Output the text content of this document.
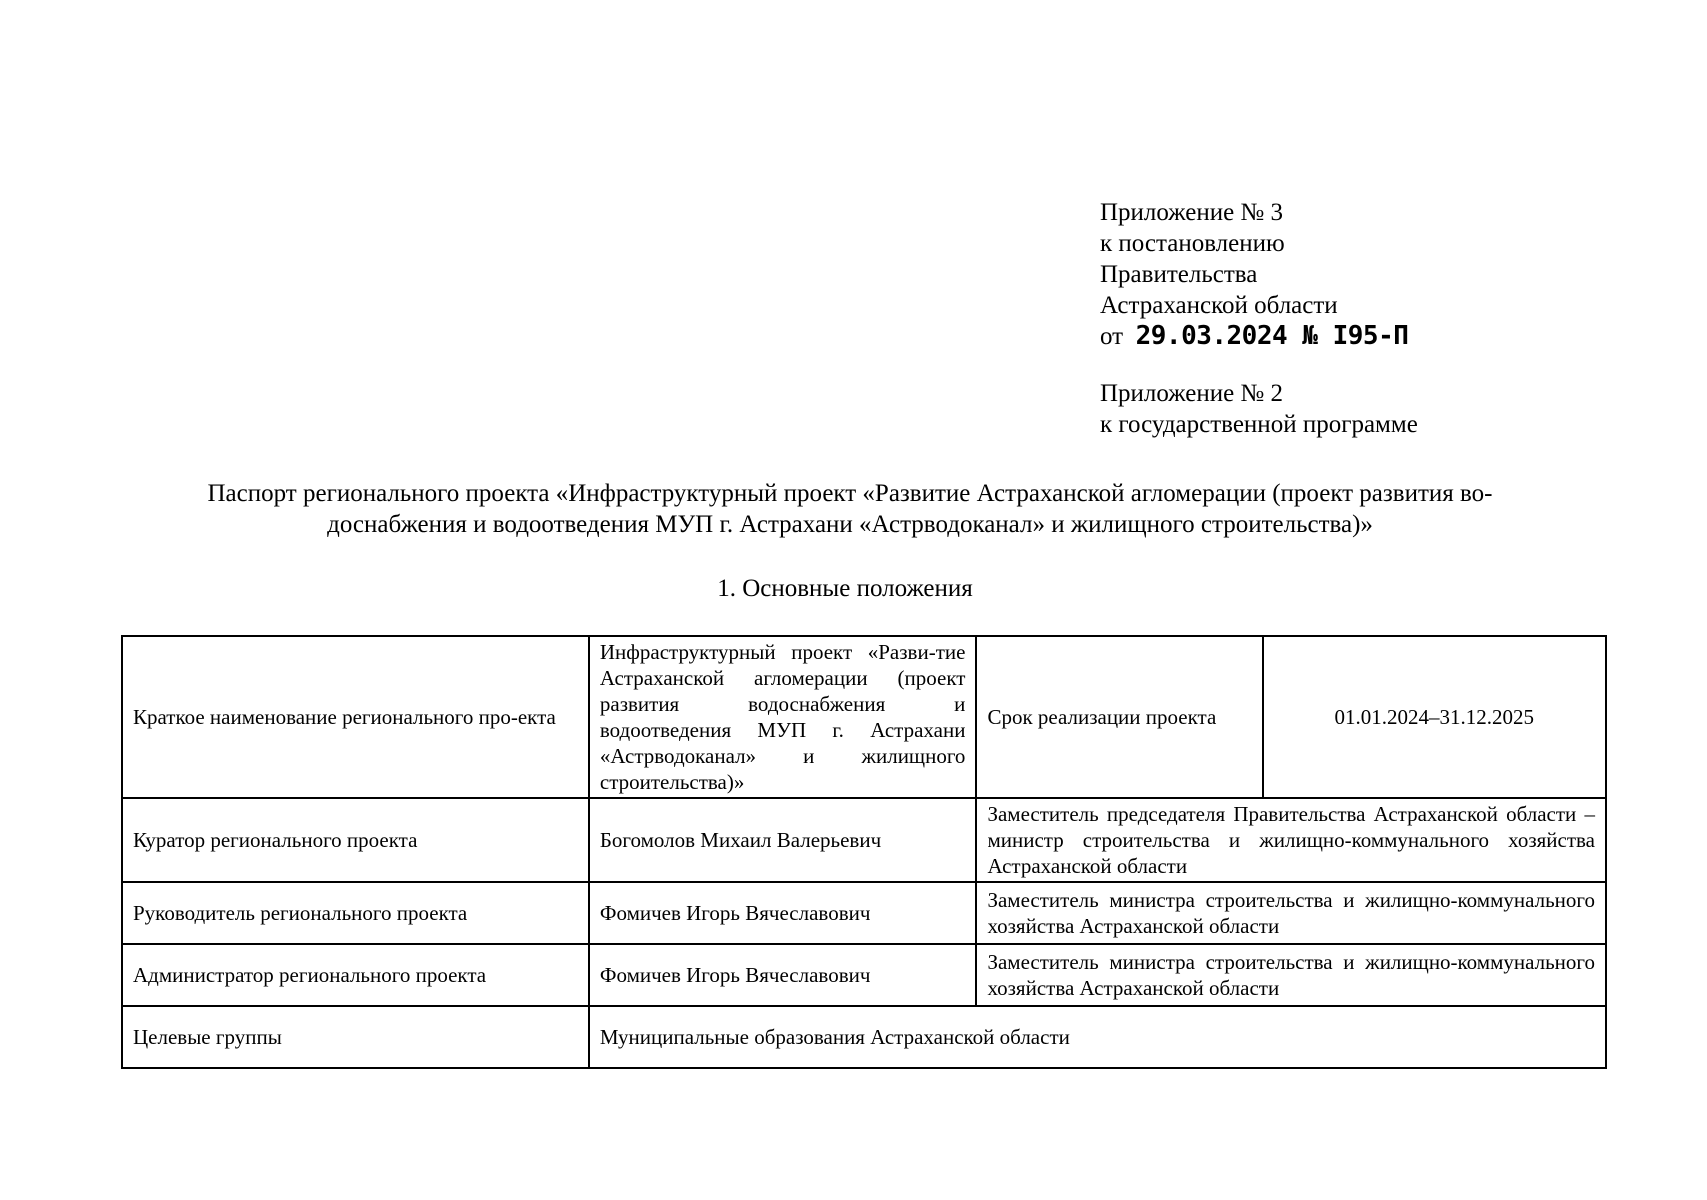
Приложение № 3
к постановлению
Правительства
Астраханской области
от 29.03.2024 № I95-П
Приложение № 2
к государственной программе
Паспорт регионального проекта «Инфраструктурный проект «Развитие Астраханской агломерации (проект развития во-
доснабжения и водоотведения МУП г. Астрахани «Астрводоканал» и жилищного строительства)»
1. Основные положения
Краткое наименование регионального про-екта	Инфраструктурный проект «Разви-тие Астраханской агломерации (проект развития водоснабжения и водоотведения МУП г. Астрахани «Астрводоканал» и жилищного строительства)»	Срок реализации проекта	01.01.2024–31.12.2025
Куратор регионального проекта	Богомолов Михаил Валерьевич	Заместитель председателя Правительства Астраханской области – министр строительства и жилищно-коммунального хозяйства Астраханской области	
Руководитель регионального проекта	Фомичев Игорь Вячеславович	Заместитель министра строительства и жилищно-коммунального хозяйства Астраханской области	
Администратор регионального проекта	Фомичев Игорь Вячеславович	Заместитель министра строительства и жилищно-коммунального хозяйства Астраханской области	
Целевые группы	Муниципальные образования Астраханской области		
